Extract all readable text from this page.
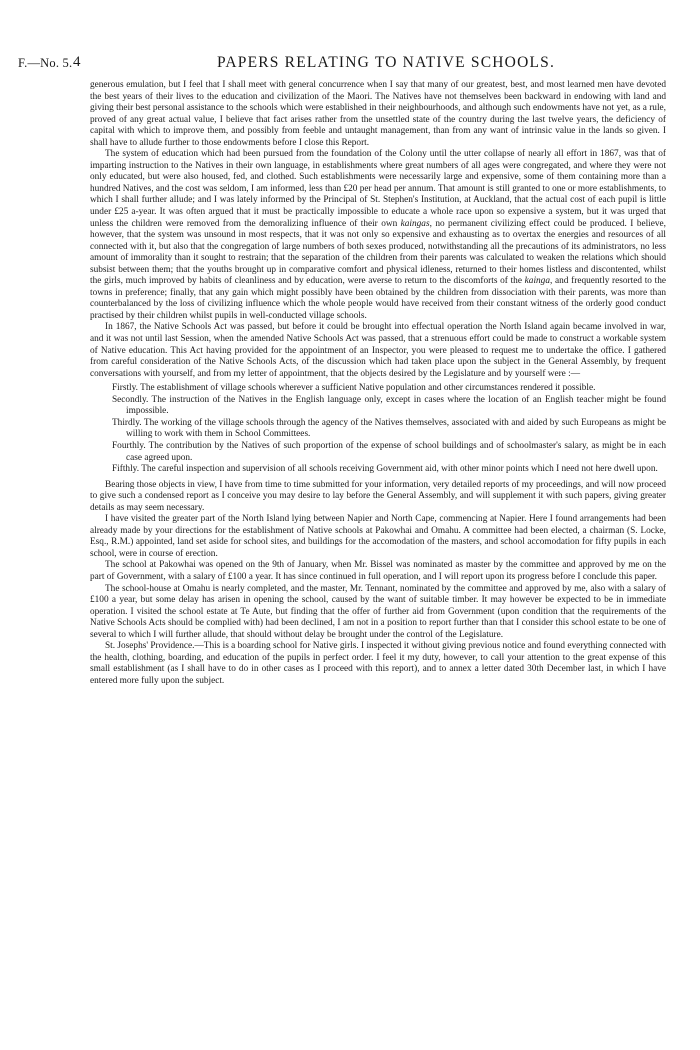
F.—No. 5. 4	PAPERS RELATING TO NATIVE SCHOOLS.

generous emulation, but I feel that I shall meet with general concurrence when I say that many of our greatest, best, and most learned men have devoted the best years of their lives to the education and civilization of the Maori. The Natives have not themselves been backward in endowing with land and giving their best personal assistance to the schools which were established in their neighbourhoods, and although such endowments have not yet, as a rule, proved of any great actual value, I believe that fact arises rather from the unsettled state of the country during the last twelve years, the deficiency of capital with which to improve them, and possibly from feeble and untaught management, than from any want of intrinsic value in the lands so given. I shall have to allude further to those endowments before I close this Report.

The system of education which had been pursued from the foundation of the Colony until the utter collapse of nearly all effort in 1867, was that of imparting instruction to the Natives in their own language, in establishments where great numbers of all ages were congregated, and where they were not only educated, but were also housed, fed, and clothed. Such establishments were necessarily large and expensive, some of them containing more than a hundred Natives, and the cost was seldom, I am informed, less than £20 per head per annum. That amount is still granted to one or more establishments, to which I shall further allude; and I was lately informed by the Principal of St. Stephen's Institution, at Auckland, that the actual cost of each pupil is little under £25 a-year. It was often argued that it must be practically impossible to educate a whole race upon so expensive a system, but it was urged that unless the children were removed from the demoralizing influence of their own kaingas, no permanent civilizing effect could be produced. I believe, however, that the system was unsound in most respects, that it was not only so expensive and exhausting as to overtax the energies and resources of all connected with it, but also that the congregation of large numbers of both sexes produced, notwithstanding all the precautions of its administrators, no less amount of immorality than it sought to restrain; that the separation of the children from their parents was calculated to weaken the relations which should subsist between them; that the youths brought up in comparative comfort and physical idleness, returned to their homes listless and discontented, whilst the girls, much improved by habits of cleanliness and by education, were averse to return to the discomforts of the kainga, and frequently resorted to the towns in preference; finally, that any gain which might possibly have been obtained by the children from dissociation with their parents, was more than counterbalanced by the loss of civilizing influence which the whole people would have received from their constant witness of the orderly good conduct practised by their children whilst pupils in well-conducted village schools.

In 1867, the Native Schools Act was passed, but before it could be brought into effectual operation the North Island again became involved in war, and it was not until last Session, when the amended Native Schools Act was passed, that a strenuous effort could be made to construct a workable system of Native education. This Act having provided for the appointment of an Inspector, you were pleased to request me to undertake the office. I gathered from careful consideration of the Native Schools Acts, of the discussion which had taken place upon the subject in the General Assembly, by frequent conversations with yourself, and from my letter of appointment, that the objects desired by the Legislature and by yourself were :—

Firstly. The establishment of village schools wherever a sufficient Native population and other circumstances rendered it possible.

Secondly. The instruction of the Natives in the English language only, except in cases where the location of an English teacher might be found impossible.

Thirdly. The working of the village schools through the agency of the Natives themselves, associated with and aided by such Europeans as might be willing to work with them in School Committees.

Fourthly. The contribution by the Natives of such proportion of the expense of school buildings and of schoolmaster's salary, as might be in each case agreed upon.

Fifthly. The careful inspection and supervision of all schools receiving Government aid, with other minor points which I need not here dwell upon.

Bearing those objects in view, I have from time to time submitted for your information, very detailed reports of my proceedings, and will now proceed to give such a condensed report as I conceive you may desire to lay before the General Assembly, and will supplement it with such papers, giving greater details as may seem necessary.

I have visited the greater part of the North Island lying between Napier and North Cape, commencing at Napier. Here I found arrangements had been already made by your directions for the establishment of Native schools at Pakowhai and Omahu. A committee had been elected, a chairman (S. Locke, Esq., R.M.) appointed, land set aside for school sites, and buildings for the accomodation of the masters, and school accomodation for fifty pupils in each school, were in course of erection.

The school at Pakowhai was opened on the 9th of January, when Mr. Bissel was nominated as master by the committee and approved by me on the part of Government, with a salary of £100 a year. It has since continued in full operation, and I will report upon its progress before I conclude this paper.

The school-house at Omahu is nearly completed, and the master, Mr. Tennant, nominated by the committee and approved by me, also with a salary of £100 a year, but some delay has arisen in opening the school, caused by the want of suitable timber. It may however be expected to be in immediate operation. I visited the school estate at Te Aute, but finding that the offer of further aid from Government (upon condition that the requirements of the Native Schools Acts should be complied with) had been declined, I am not in a position to report further than that I consider this school estate to be one of several to which I will further allude, that should without delay be brought under the control of the Legislature.

St. Josephs' Providence.—This is a boarding school for Native girls. I inspected it without giving previous notice and found everything connected with the health, clothing, boarding, and education of the pupils in perfect order. I feel it my duty, however, to call your attention to the great expense of this small establishment (as I shall have to do in other cases as I proceed with this report), and to annex a letter dated 30th December last, in which I have entered more fully upon the subject.
